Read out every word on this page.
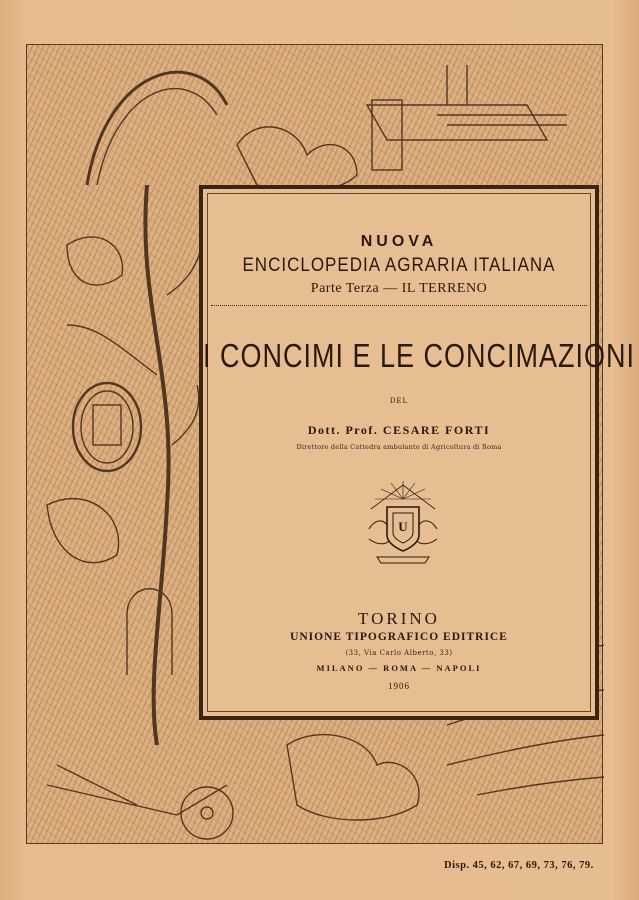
NUOVA
ENCICLOPEDIA AGRARIA ITALIANA
Parte Terza — IL TERRENO
I CONCIMI E LE CONCIMAZIONI
DEL
Dott. Prof. CESARE FORTI
Direttore della Cattedra ambulante di Agricoltura di Roma
U
TORINO
UNIONE TIPOGRAFICO EDITRICE
(33, Via Carlo Alberto, 33)
MILANO — ROMA — NAPOLI
1906
Disp. 45, 62, 67, 69, 73, 76, 79.
